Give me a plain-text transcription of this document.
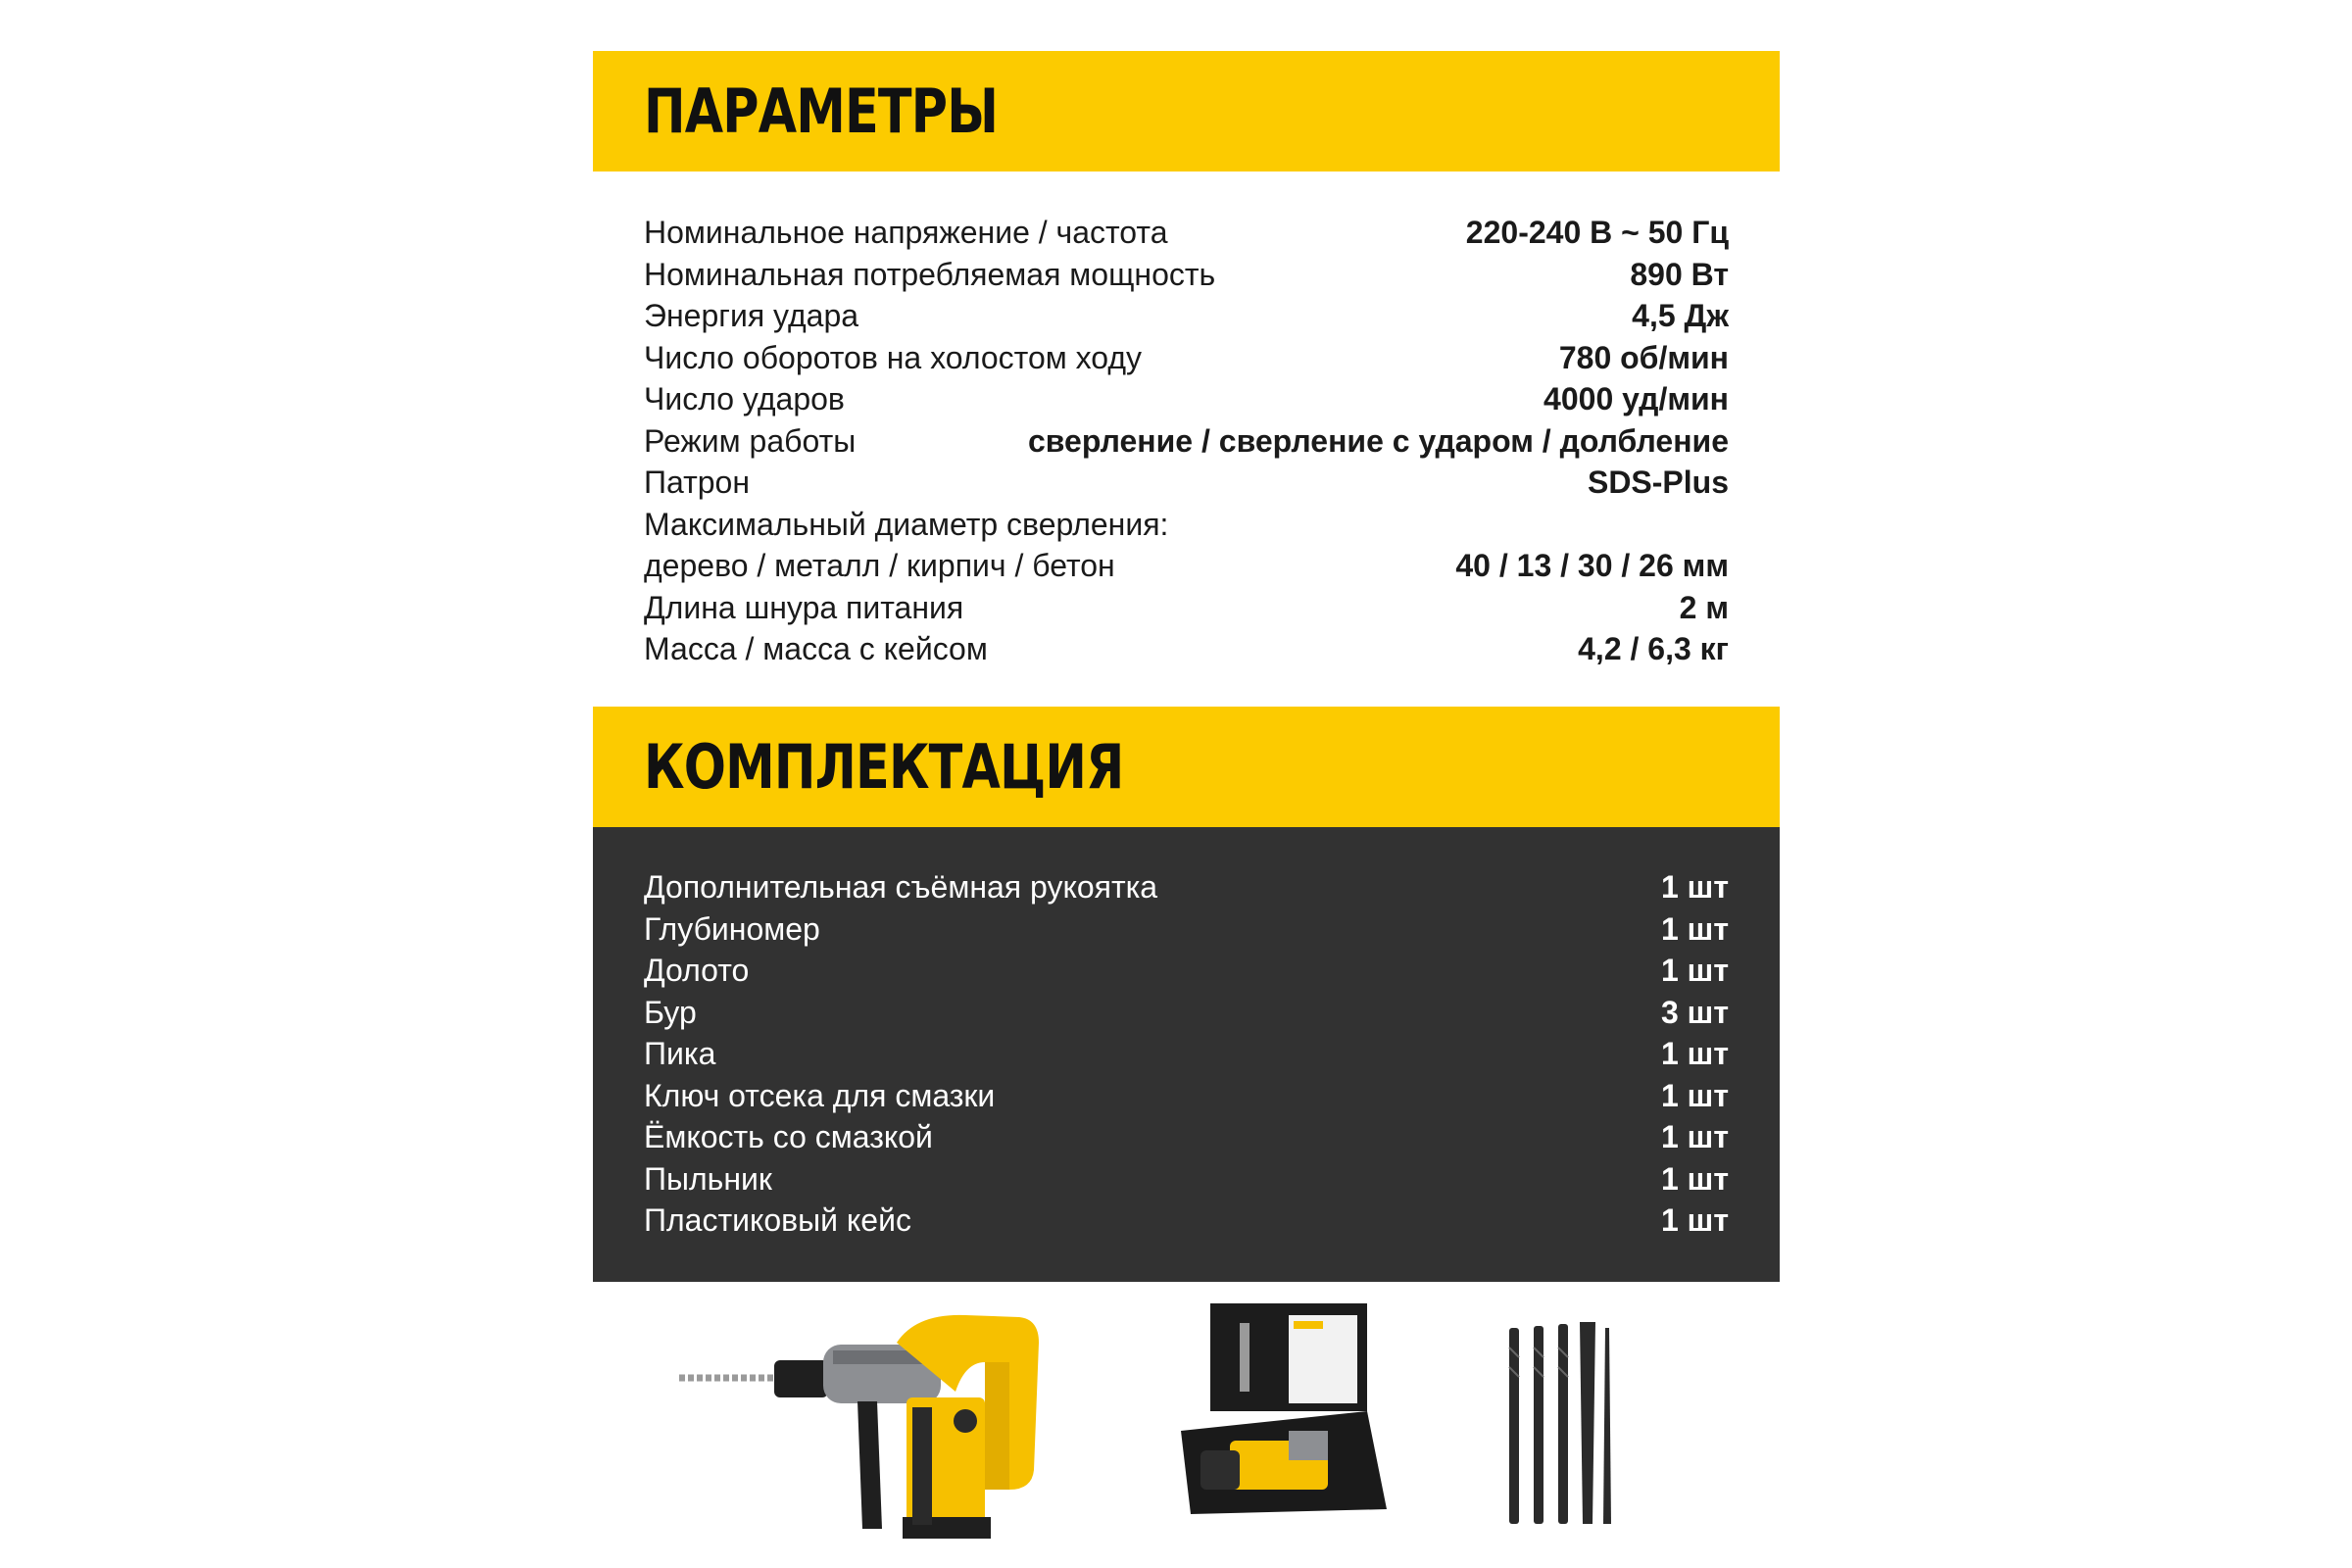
ПАРАМЕТРЫ
Номинальное напряжение / частота	220-240 В ~ 50 Гц
Номинальная потребляемая мощность	890 Вт
Энергия удара	4,5 Дж
Число оборотов на холостом ходу	780 об/мин
Число ударов	4000 уд/мин
Режим работы	сверление / сверление с ударом / долбление
Патрон	SDS-Plus
Максимальный диаметр сверления:
дерево / металл / кирпич / бетон	40 / 13 / 30 / 26 мм
Длина шнура питания	2 м
Масса / масса с кейсом	4,2 / 6,3 кг
КОМПЛЕКТАЦИЯ
Дополнительная съёмная рукоятка	1 шт
Глубиномер	1 шт
Долото	1 шт
Бур	3 шт
Пика	1 шт
Ключ отсека для смазки	1 шт
Ёмкость со смазкой	1 шт
Пыльник	1 шт
Пластиковый кейс	1 шт
